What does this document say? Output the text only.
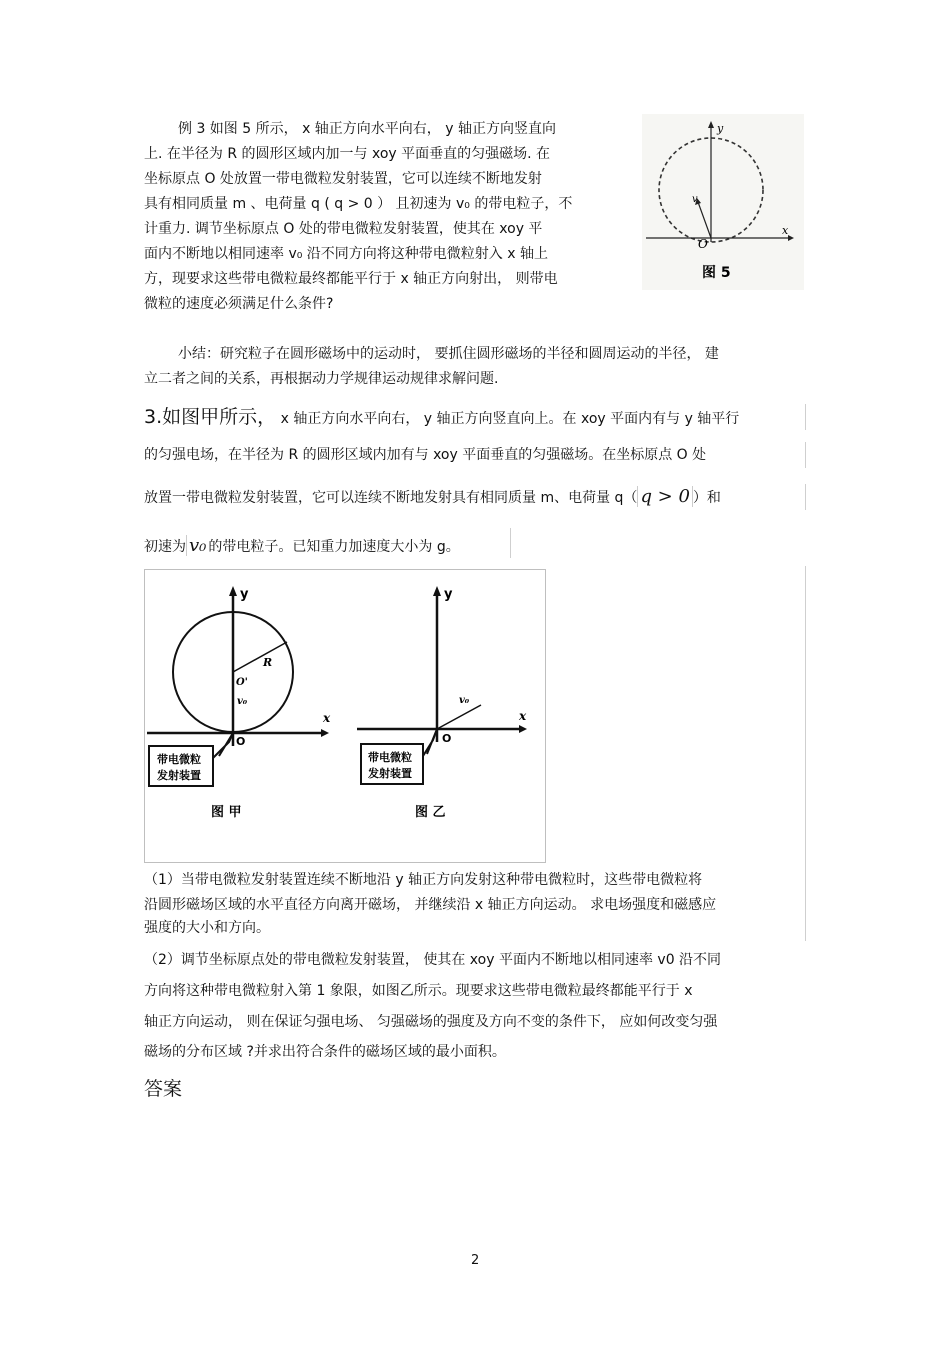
例 3 如图 5 所示， x 轴正方向水平向右， y 轴正方向竖直向
上. 在半径为 R 的圆形区域内加一与 xoy 平面垂直的匀强磁场. 在
坐标原点 O 处放置一带电微粒发射装置，它可以连续不断地发射
具有相同质量 m 、电荷量 q ( q > 0 ） 且初速为 v₀ 的带电粒子，不
计重力. 调节坐标原点 O 处的带电微粒发射装置，使其在 xoy 平
面内不断地以相同速率 v₀ 沿不同方向将这种带电微粒射入 x 轴上
方，现要求这些带电微粒最终都能平行于 x 轴正方向射出， 则带电
微粒的速度必须满足什么条件?
y
x
O
v
图 5
小结：研究粒子在圆形磁场中的运动时， 要抓住圆形磁场的半径和圆周运动的半径， 建
立二者之间的关系，再根据动力学规律运动规律求解问题.
3.如图甲所示， x 轴正方向水平向右， y 轴正方向竖直向上。在 xoy 平面内有与 y 轴平行
的匀强电场，在半径为 R 的圆形区域内加有与 xoy 平面垂直的匀强磁场。在坐标原点 O 处
放置一带电微粒发射装置，它可以连续不断地发射具有相同质量 m、电荷量 q（ q > 0 ）和
初速为 v₀ 的带电粒子。已知重力加速度大小为 g。
y
x
O
R
O'
v₀
带电微粒
发射装置
图 甲
y
x
O
v₀
带电微粒
发射装置
图 乙
（1）当带电微粒发射装置连续不断地沿 y 轴正方向发射这种带电微粒时，这些带电微粒将
沿圆形磁场区域的水平直径方向离开磁场， 并继续沿 x 轴正方向运动。 求电场强度和磁感应
强度的大小和方向。
（2）调节坐标原点处的带电微粒发射装置， 使其在 xoy 平面内不断地以相同速率 v0 沿不同
方向将这种带电微粒射入第 1 象限，如图乙所示。现要求这些带电微粒最终都能平行于 x
轴正方向运动， 则在保证匀强电场、 匀强磁场的强度及方向不变的条件下， 应如何改变匀强
磁场的分布区域 ?并求出符合条件的磁场区域的最小面积。
答案
2
